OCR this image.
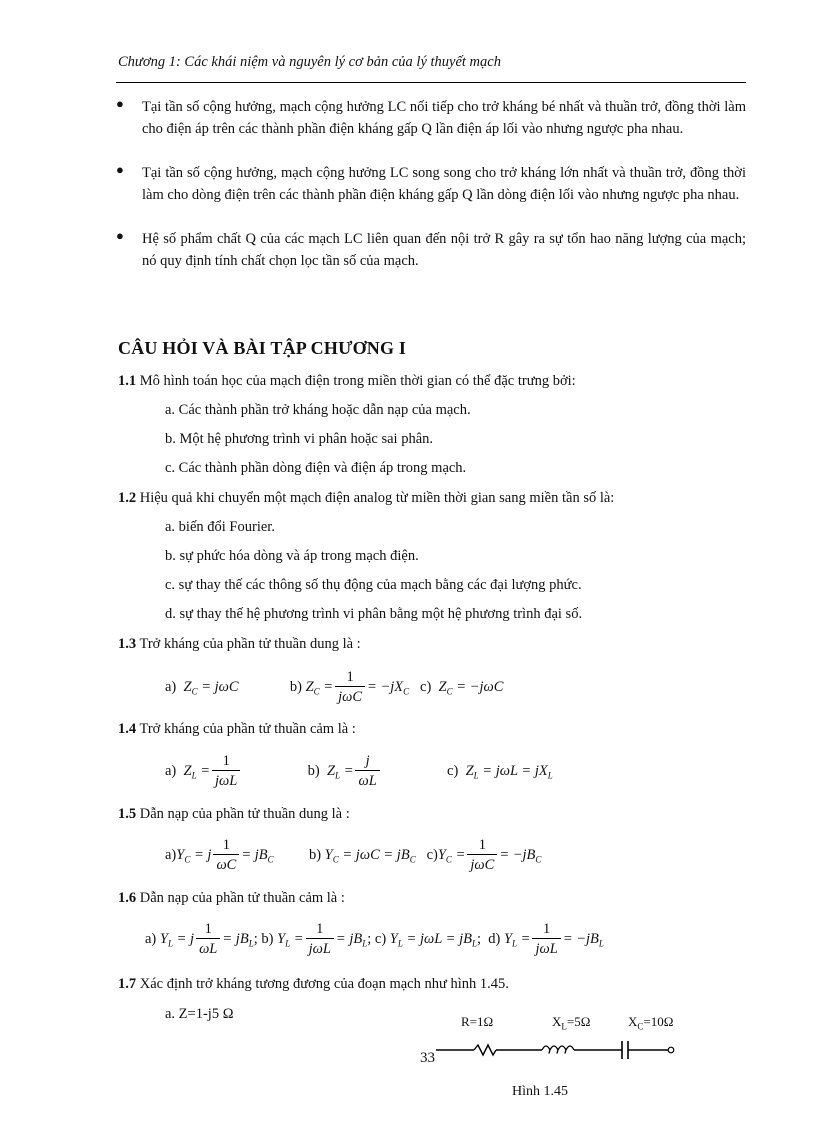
Chương 1: Các khái niệm và nguyên lý cơ bản của lý thuyết mạch
● Tại tần số cộng hưởng, mạch cộng hưởng LC nối tiếp cho trở kháng bé nhất và thuần trở, đồng thời làm cho điện áp trên các thành phần điện kháng gấp Q lần điện áp lối vào nhưng ngược pha nhau.
● Tại tần số cộng hưởng, mạch cộng hưởng LC song song cho trở kháng lớn nhất và thuần trở, đồng thời làm cho dòng điện trên các thành phần điện kháng gấp Q lần dòng điện lối vào nhưng ngược pha nhau.
● Hệ số phẩm chất Q của các mạch LC liên quan đến nội trở R gây ra sự tổn hao năng lượng của mạch; nó quy định tính chất chọn lọc tần số của mạch.
CÂU HỎI VÀ BÀI TẬP CHƯƠNG I
1.1 Mô hình toán học của mạch điện trong miền thời gian có thể đặc trưng bởi:
a. Các thành phần trở kháng hoặc dẫn nạp của mạch.
b. Một hệ phương trình vi phân hoặc sai phân.
c. Các thành phần dòng điện và điện áp trong mạch.
1.2 Hiệu quả khi chuyển một mạch điện analog từ miền thời gian sang miền tần số là:
a. biến đổi Fourier.
b. sự phức hóa dòng và áp trong mạch điện.
c. sự thay thế các thông số thụ động của mạch bằng các đại lượng phức.
d. sự thay thế hệ phương trình vi phân bằng một hệ phương trình đại số.
1.3 Trở kháng của phần tử thuần dung là :
a)  $Z_C = j\omega C$	b) $Z_C = \frac{1}{\text{jωC}} = -jX_C$ c)  $Z_C = -j\omega C$
1.4 Trở kháng của phần tử thuần cảm là :
a)  $Z_L = \frac{1}{\text{jωL}}$	b)  $Z_L = \frac{j}{\omega L}$	c)  $Z_L = j\omega L = jX_L$
1.5 Dẫn nạp của phần tử thuần dung là :
$a)Y_C = j \frac{1}{\omega C} = jB_C$ b) $Y_C = j\omega C = jB_C$ $c)Y_C = \frac{1}{\text{jωC}} = -jB_C$
1.6 Dẫn nạp của phần tử thuần cảm là :
a) $Y_L = j \frac{1}{\omega L} = jB_L$; b) $Y_L = \frac{1}{\text{jωL}} = jB_L$; c) $Y_L = j\omega L = jB_L$;  d) $Y_L = \frac{1}{\text{jωL}} = -jB_L$
1.7 Xác định trở kháng tương đương của đoạn mạch như hình 1.45.
a. Z=1-j5 Ω	R=1Ω	$X_L=5\Omega$	$X_C=10\Omega$
33
Hình 1.45
